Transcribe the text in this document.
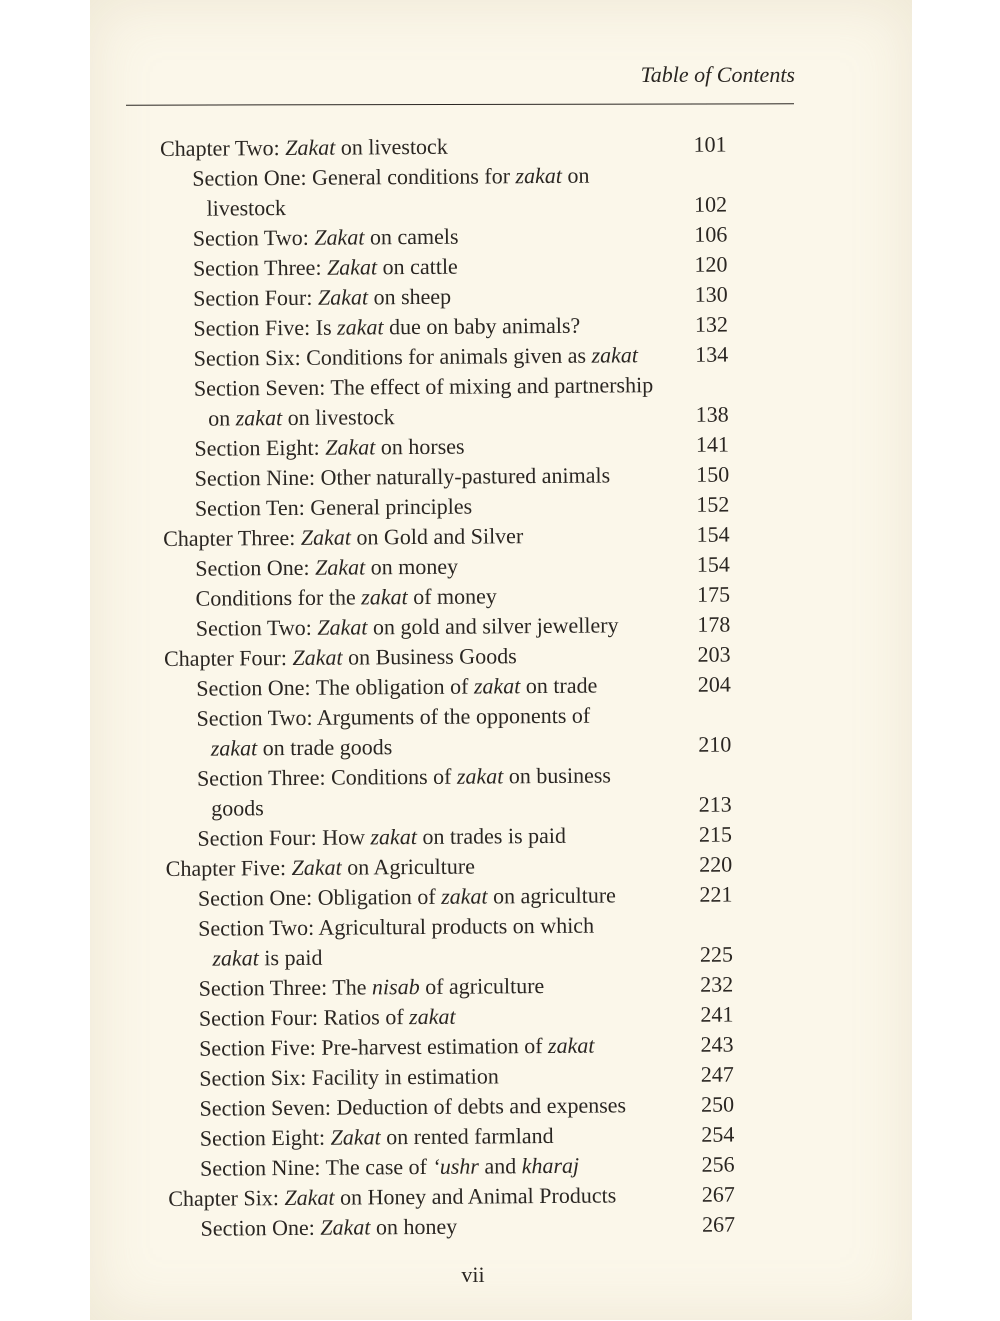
Table of Contents
Chapter Two: Zakat on livestock	101
Section One: General conditions for zakat on
livestock	102
Section Two: Zakat on camels	106
Section Three: Zakat on cattle	120
Section Four: Zakat on sheep	130
Section Five: Is zakat due on baby animals?	132
Section Six: Conditions for animals given as zakat	134
Section Seven: The effect of mixing and partnership
on zakat on livestock	138
Section Eight: Zakat on horses	141
Section Nine: Other naturally-pastured animals	150
Section Ten: General principles	152
Chapter Three: Zakat on Gold and Silver	154
Section One: Zakat on money	154
Conditions for the zakat of money	175
Section Two: Zakat on gold and silver jewellery	178
Chapter Four: Zakat on Business Goods	203
Section One: The obligation of zakat on trade	204
Section Two: Arguments of the opponents of
zakat on trade goods	210
Section Three: Conditions of zakat on business
goods	213
Section Four: How zakat on trades is paid	215
Chapter Five: Zakat on Agriculture	220
Section One: Obligation of zakat on agriculture	221
Section Two: Agricultural products on which
zakat is paid	225
Section Three: The nisab of agriculture	232
Section Four: Ratios of zakat	241
Section Five: Pre-harvest estimation of zakat	243
Section Six: Facility in estimation	247
Section Seven: Deduction of debts and expenses	250
Section Eight: Zakat on rented farmland	254
Section Nine: The case of ‘ushr and kharaj	256
Chapter Six: Zakat on Honey and Animal Products	267
Section One: Zakat on honey	267
vii
